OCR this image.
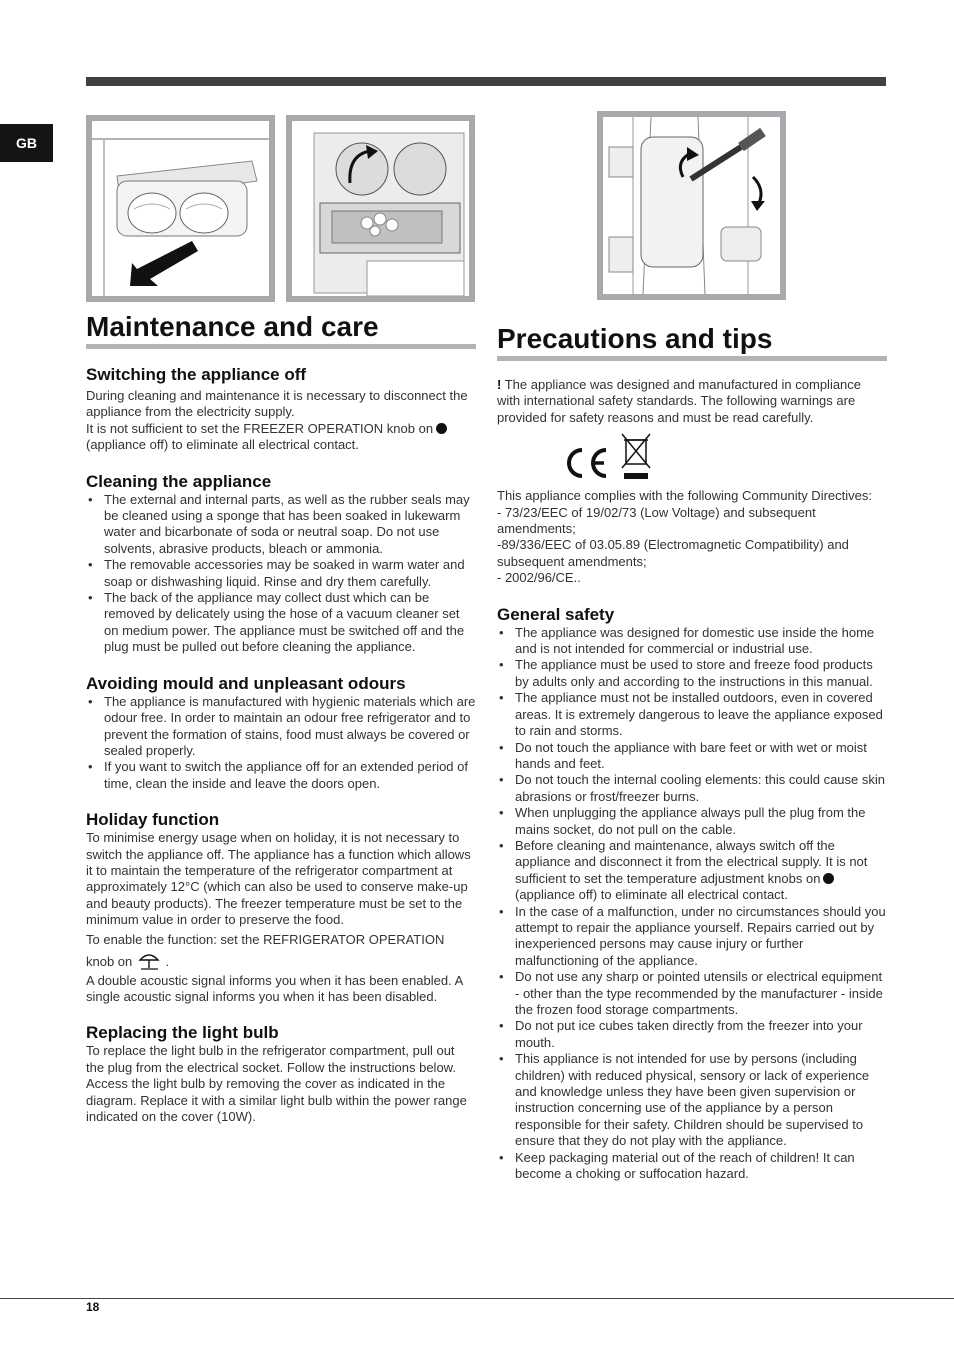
GB
Maintenance and care
Switching the appliance off

During cleaning and maintenance it is necessary to disconnect the appliance from the electricity supply.

It is not sufficient to set the FREEZER OPERATION knob on (appliance off) to eliminate all electrical contact.

Cleaning the appliance
• The external and internal parts, as well as the rubber seals may be cleaned using a sponge that has been soaked in lukewarm water and bicarbonate of soda or neutral soap. Do not use solvents, abrasive products, bleach or ammonia.
• The removable accessories may be soaked in warm water and soap or dishwashing liquid. Rinse and dry them carefully.
• The back of the appliance may collect dust which can be removed by delicately using the hose of a vacuum cleaner set on medium power. The appliance must be switched off and the plug must be pulled out before cleaning the appliance.
Avoiding mould and unpleasant odours
• The appliance is manufactured with hygienic materials which are odour free. In order to maintain an odour free refrigerator and to prevent the formation of stains, food must always be covered or sealed properly.
• If you want to switch the appliance off for an extended period of time, clean the inside and leave the doors open.
Holiday function

To minimise energy usage when on holiday, it is not necessary to switch the appliance off. The appliance has a function which allows it to maintain the temperature of the refrigerator compartment at approximately 12°C (which can also be used to conserve make-up and beauty products). The freezer temperature must be set to the minimum value in order to preserve the food.

To enable the function: set the REFRIGERATOR OPERATION knob on	.

A double acoustic signal informs you when it has been enabled. A single acoustic signal informs you when it has been disabled.

Replacing the light bulb

To replace the light bulb in the refrigerator compartment, pull out the plug from the electrical socket. Follow the instructions below.

Access the light bulb by removing the cover as indicated in the diagram. Replace it with a similar light bulb within the power range indicated on the cover (10W).

Precautions and tips

! The appliance was designed and manufactured in compliance with international safety standards. The following warnings are provided for safety reasons and must be read carefully.

This appliance complies with the following Community Directives:

- 73/23/EEC of 19/02/73 (Low Voltage) and subsequent amendments;

-89/336/EEC of 03.05.89 (Electromagnetic Compatibility) and subsequent amendments;

- 2002/96/CE..

General safety
• The appliance was designed for domestic use inside the home and is not intended for commercial or industrial use.
• The appliance must be used to store and freeze food products by adults only and according to the instructions in this manual.
• The appliance must not be installed outdoors, even in covered areas. It is extremely dangerous to leave the appliance exposed to rain and storms.
• Do not touch the appliance with bare feet or with wet or moist hands and feet.
• Do not touch the internal cooling elements: this could cause skin abrasions or frost/freezer burns.
• When unplugging the appliance always pull the plug from the mains socket, do not pull on the cable.
• Before cleaning and maintenance, always switch off the appliance and disconnect it from the electrical supply. It is not sufficient to set the temperature adjustment knobs on (appliance off) to eliminate all electrical contact.
• In the case of a malfunction, under no circumstances should you attempt to repair the appliance yourself. Repairs carried out by inexperienced persons may cause injury or further malfunctioning of the appliance.
• Do not use any sharp or pointed utensils or electrical equipment - other than the type recommended by the manufacturer - inside the frozen food storage compartments.
• Do not put ice cubes taken directly from the freezer into your mouth.
• This appliance is not intended for use by persons (including children) with reduced physical, sensory or lack of experience and knowledge unless they have been given supervision or instruction concerning use of the appliance by a person responsible for their safety. Children should be supervised to ensure that they do not play with the appliance.
• Keep packaging material out of the reach of children! It can become a choking or suffocation hazard.
18
